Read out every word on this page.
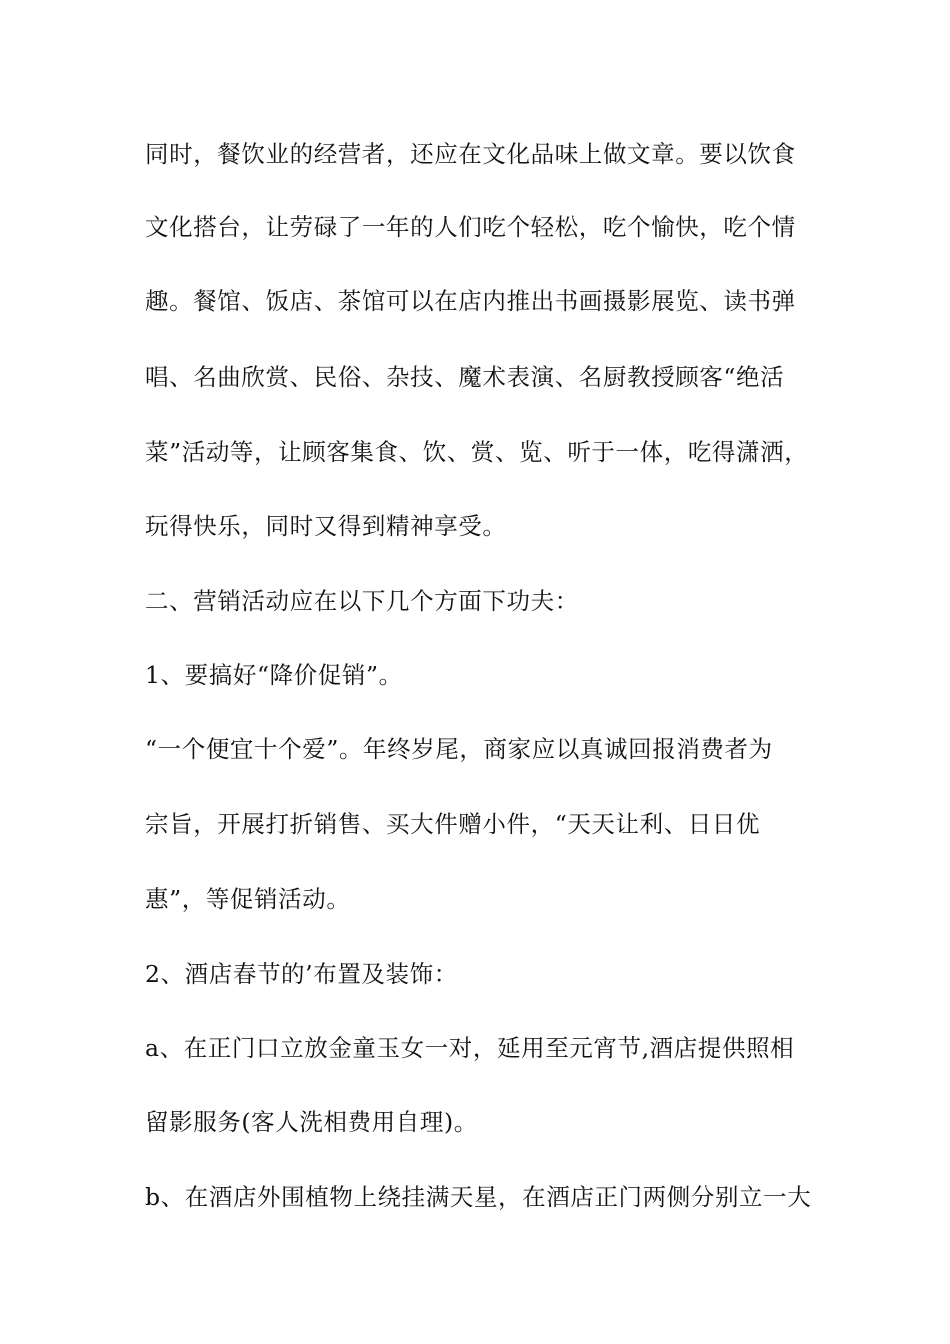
同时，餐饮业的经营者，还应在文化品味上做文章。要以饮食
文化搭台，让劳碌了一年的人们吃个轻松，吃个愉快，吃个情
趣。餐馆、饭店、茶馆可以在店内推出书画摄影展览、读书弹
唱、名曲欣赏、民俗、杂技、魔术表演、名厨教授顾客“绝活
菜”活动等，让顾客集食、饮、赏、览、听于一体，吃得潇洒，
玩得快乐，同时又得到精神享受。
二、营销活动应在以下几个方面下功夫：
1、要搞好“降价促销”。
“一个便宜十个爱”。年终岁尾，商家应以真诚回报消费者为
宗旨，开展打折销售、买大件赠小件，“天天让利、日日优
惠”，等促销活动。
2、酒店春节的’布置及装饰：
a、在正门口立放金童玉女一对，延用至元宵节,酒店提供照相
留影服务(客人洗相费用自理)。
b、在酒店外围植物上绕挂满天星，在酒店正门两侧分别立一大
